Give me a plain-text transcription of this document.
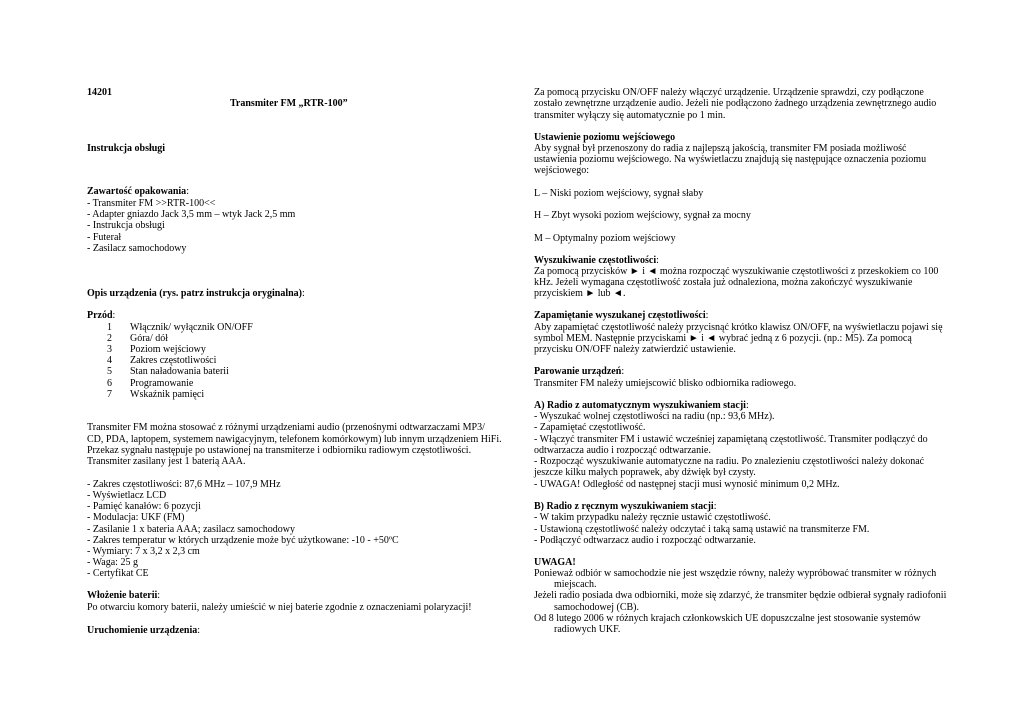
14201
Transmiter FM „RTR-100”
Instrukcja obsługi
Zawartość opakowania:
- Transmiter FM >>RTR-100<<
- Adapter gniazdo Jack 3,5 mm – wtyk Jack 2,5 mm
- Instrukcja obsługi
- Futerał
- Zasilacz samochodowy
Opis urządzenia (rys. patrz instrukcja oryginalna):
Przód:
1 Włącznik/ wyłącznik ON/OFF
2 Góra/ dół
3 Poziom wejściowy
4 Zakres częstotliwości
5 Stan naładowania baterii
6 Programowanie
7 Wskaźnik pamięci
Transmiter FM można stosować z różnymi urządzeniami audio (przenośnymi odtwarzaczami MP3/
CD, PDA, laptopem, systemem nawigacyjnym, telefonem komórkowym) lub innym urządzeniem HiFi.
Przekaz sygnału następuje po ustawionej na transmiterze i odbiorniku radiowym częstotliwości.
Transmiter zasilany jest 1 baterią AAA.
- Zakres częstotliwości: 87,6 MHz – 107,9 MHz
- Wyświetlacz LCD
- Pamięć kanałów: 6 pozycji
- Modulacja: UKF (FM)
- Zasilanie 1 x bateria AAA; zasilacz samochodowy
- Zakres temperatur w których urządzenie może być użytkowane: -10 - +50ºC
- Wymiary: 7 x 3,2 x 2,3 cm
- Waga: 25 g
- Certyfikat CE
Włożenie baterii:
Po otwarciu komory baterii, należy umieścić w niej baterie zgodnie z oznaczeniami polaryzacji!
Uruchomienie urządzenia:
Za pomocą przycisku ON/OFF należy włączyć urządzenie. Urządzenie sprawdzi, czy podłączone
zostało zewnętrzne urządzenie audio. Jeżeli nie podłączono żadnego urządzenia zewnętrznego audio
transmiter wyłączy się automatycznie po 1 min.
Ustawienie poziomu wejściowego
Aby sygnał był przenoszony do radia z najlepszą jakością, transmiter FM posiada możliwość
ustawienia poziomu wejściowego. Na wyświetlaczu znajdują się następujące oznaczenia poziomu
wejściowego:
L – Niski poziom wejściowy, sygnał słaby
H – Zbyt wysoki poziom wejściowy, sygnał za mocny
M – Optymalny poziom wejściowy
Wyszukiwanie częstotliwości:
Za pomocą przycisków ► i ◄ można rozpocząć wyszukiwanie częstotliwości z przeskokiem co 100
kHz. Jeżeli wymagana częstotliwość została już odnaleziona, można zakończyć wyszukiwanie
przyciskiem ► lub ◄.
Zapamiętanie wyszukanej częstotliwości:
Aby zapamiętać częstotliwość należy przycisnąć krótko klawisz ON/OFF, na wyświetlaczu pojawi się
symbol MEM. Następnie przyciskami ► i ◄ wybrać jedną z 6 pozycji. (np.: M5). Za pomocą
przycisku ON/OFF należy zatwierdzić ustawienie.
Parowanie urządzeń:
Transmiter FM należy umiejscowić blisko odbiornika radiowego.
A) Radio z automatycznym wyszukiwaniem stacji:
- Wyszukać wolnej częstotliwości na radiu (np.: 93,6 MHz).
- Zapamiętać częstotliwość.
- Włączyć transmiter FM i ustawić wcześniej zapamiętaną częstotliwość. Transmiter podłączyć do
odtwarzacza audio i rozpocząć odtwarzanie.
- Rozpocząć wyszukiwanie automatyczne na radiu. Po znalezieniu częstotliwości należy dokonać
jeszcze kilku małych poprawek, aby dźwięk był czysty.
- UWAGA! Odległość od następnej stacji musi wynosić minimum 0,2 MHz.
B) Radio z ręcznym wyszukiwaniem stacji:
- W takim przypadku należy ręcznie ustawić częstotliwość.
- Ustawioną częstotliwość należy odczytać i taką samą ustawić na transmiterze FM.
- Podłączyć odtwarzacz audio i rozpocząć odtwarzanie.
UWAGA!
Ponieważ odbiór w samochodzie nie jest wszędzie równy, należy wypróbować transmiter w różnych
miejscach.
Jeżeli radio posiada dwa odbiorniki, może się zdarzyć, że transmiter będzie odbierał sygnały radiofonii
samochodowej (CB).
Od 8 lutego 2006 w różnych krajach członkowskich UE dopuszczalne jest stosowanie systemów
radiowych UKF.
